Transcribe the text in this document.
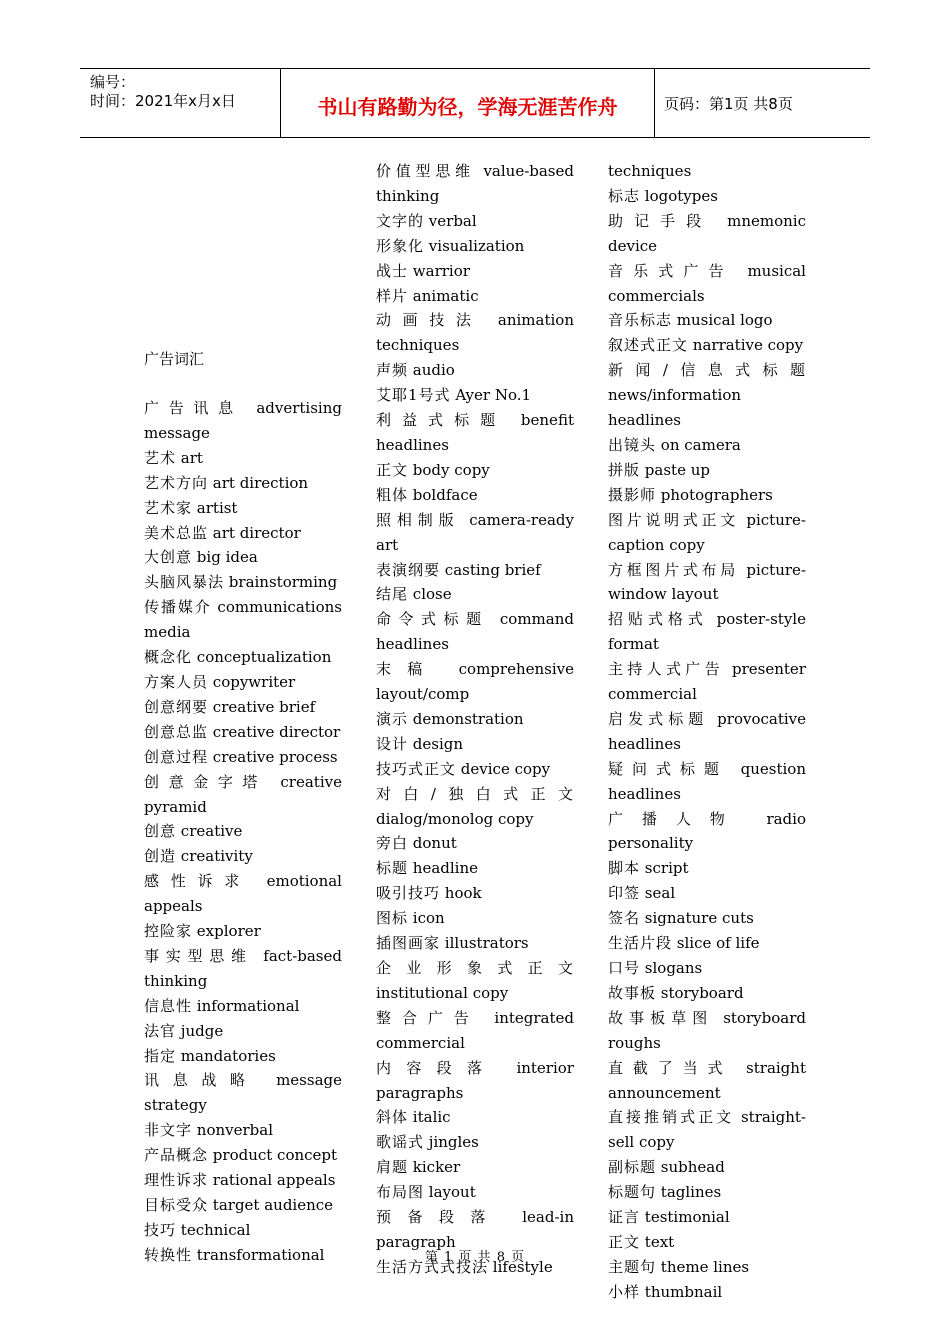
编号：
时间：2021年x月x日	书山有路勤为径，学海无涯苦作舟	页码：第1页 共8页
广告词汇
广告讯息 advertising message
艺术 art
艺术方向 art direction
艺术家 artist
美术总监 art director
大创意 big idea
头脑风暴法 brainstorming
传播媒介 communications media
概念化 conceptualization
方案人员 copywriter
创意纲要 creative brief
创意总监 creative director
创意过程 creative process
创意金字塔 creative pyramid
创意 creative
创造 creativity
感性诉求 emotional appeals
控险家 explorer
事实型思维 fact-based thinking
信息性 informational
法官 judge
指定 mandatories
讯息战略 message strategy
非文字 nonverbal
产品概念 product concept
理性诉求 rational appeals
目标受众 target audience
技巧 technical
转换性 transformational
价值型思维 value-based thinking
文字的 verbal
形象化 visualization
战士 warrior
样片 animatic
动画技法 animation techniques
声频 audio
艾耶1号式 Ayer No.1
利益式标题 benefit headlines
正文 body copy
粗体 boldface
照相制版 camera-ready art
表演纲要 casting brief
结尾 close
命令式标题 command headlines
末稿 comprehensive layout/comp
演示 demonstration
设计 design
技巧式正文 device copy
对白/独白式正文 dialog/monolog copy
旁白 donut
标题 headline
吸引技巧 hook
图标 icon
插图画家 illustrators
企业形象式正文 institutional copy
整合广告 integrated commercial
内容段落 interior paragraphs
斜体 italic
歌谣式 jingles
肩题 kicker
布局图 layout
预备段落 lead-in paragraph
生活方式式技法 lifestyle
techniques
标志 logotypes
助记手段 mnemonic device
音乐式广告 musical commercials
音乐标志 musical logo
叙述式正文 narrative copy
新闻/信息式标题 news/information headlines
出镜头 on camera
拼版 paste up
摄影师 photographers
图片说明式正文 picture-caption copy
方框图片式布局 picture-window layout
招贴式格式 poster-style format
主持人式广告 presenter commercial
启发式标题 provocative headlines
疑问式标题 question headlines
广播人物 radio personality
脚本 script
印签 seal
签名 signature cuts
生活片段 slice of life
口号 slogans
故事板 storyboard
故事板草图 storyboard roughs
直截了当式 straight announcement
直接推销式正文 straight-sell copy
副标题 subhead
标题句 taglines
证言 testimonial
正文 text
主题句 theme lines
小样 thumbnail
第 1 页 共 8 页
